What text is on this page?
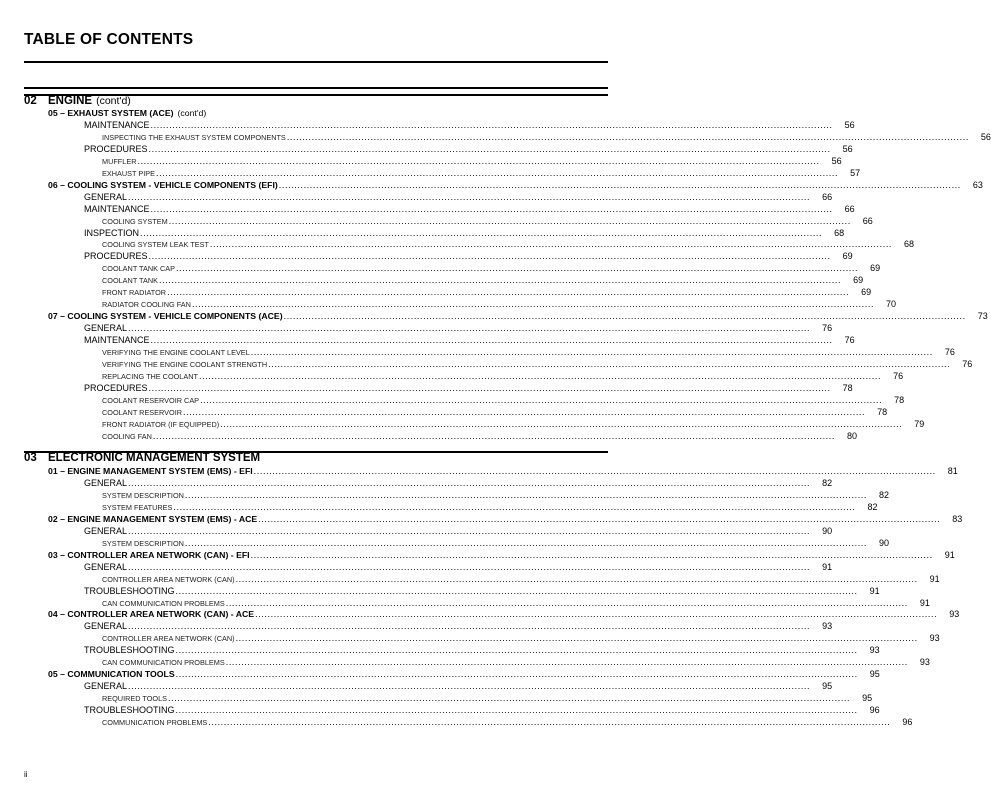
TABLE OF CONTENTS
02 ENGINE (cont'd)
05 – EXHAUST SYSTEM (ACE) (cont'd)
MAINTENANCE ............................................................................................................................................................................................................................	56
INSPECTING THE EXHAUST SYSTEM COMPONENTS ............................................................................................................................................................................................................................	56
PROCEDURES ............................................................................................................................................................................................................................	56
MUFFLER ............................................................................................................................................................................................................................	56
EXHAUST PIPE ............................................................................................................................................................................................................................	57
06 – COOLING SYSTEM - VEHICLE COMPONENTS (EFI) ............................................................................................................................................................................................................................	63
GENERAL ............................................................................................................................................................................................................................	66
MAINTENANCE ............................................................................................................................................................................................................................	66
COOLING SYSTEM ............................................................................................................................................................................................................................	66
INSPECTION ............................................................................................................................................................................................................................	68
COOLING SYSTEM LEAK TEST ............................................................................................................................................................................................................................	68
PROCEDURES ............................................................................................................................................................................................................................	69
COOLANT TANK CAP ............................................................................................................................................................................................................................	69
COOLANT TANK ............................................................................................................................................................................................................................	69
FRONT RADIATOR ............................................................................................................................................................................................................................	69
RADIATOR COOLING FAN ............................................................................................................................................................................................................................	70
07 – COOLING SYSTEM - VEHICLE COMPONENTS (ACE) ............................................................................................................................................................................................................................	73
GENERAL ............................................................................................................................................................................................................................	76
MAINTENANCE ............................................................................................................................................................................................................................	76
VERIFYING THE ENGINE COOLANT LEVEL ............................................................................................................................................................................................................................	76
VERIFYING THE ENGINE COOLANT STRENGTH ............................................................................................................................................................................................................................	76
REPLACING THE COOLANT ............................................................................................................................................................................................................................	76
PROCEDURES ............................................................................................................................................................................................................................	78
COOLANT RESERVOIR CAP ............................................................................................................................................................................................................................	78
COOLANT RESERVOIR ............................................................................................................................................................................................................................	78
FRONT RADIATOR (IF EQUIPPED) ............................................................................................................................................................................................................................	79
COOLING FAN ............................................................................................................................................................................................................................	80
03 ELECTRONIC MANAGEMENT SYSTEM
01 – ENGINE MANAGEMENT SYSTEM (EMS) - EFI ............................................................................................................................................................................................................................	81
GENERAL ............................................................................................................................................................................................................................	82
SYSTEM DESCRIPTION ............................................................................................................................................................................................................................	82
SYSTEM FEATURES ............................................................................................................................................................................................................................	82
02 – ENGINE MANAGEMENT SYSTEM (EMS) - ACE ............................................................................................................................................................................................................................	83
GENERAL ............................................................................................................................................................................................................................	90
SYSTEM DESCRIPTION ............................................................................................................................................................................................................................	90
03 – CONTROLLER AREA NETWORK (CAN) - EFI ............................................................................................................................................................................................................................	91
GENERAL ............................................................................................................................................................................................................................	91
CONTROLLER AREA NETWORK (CAN) ............................................................................................................................................................................................................................	91
TROUBLESHOOTING ............................................................................................................................................................................................................................	91
CAN COMMUNICATION PROBLEMS ............................................................................................................................................................................................................................	91
04 – CONTROLLER AREA NETWORK (CAN) - ACE ............................................................................................................................................................................................................................	93
GENERAL ............................................................................................................................................................................................................................	93
CONTROLLER AREA NETWORK (CAN) ............................................................................................................................................................................................................................	93
TROUBLESHOOTING ............................................................................................................................................................................................................................	93
CAN COMMUNICATION PROBLEMS ............................................................................................................................................................................................................................	93
05 – COMMUNICATION TOOLS ............................................................................................................................................................................................................................	95
GENERAL ............................................................................................................................................................................................................................	95
REQUIRED TOOLS ............................................................................................................................................................................................................................	95
TROUBLESHOOTING ............................................................................................................................................................................................................................	96
COMMUNICATION PROBLEMS ............................................................................................................................................................................................................................	96
ii
